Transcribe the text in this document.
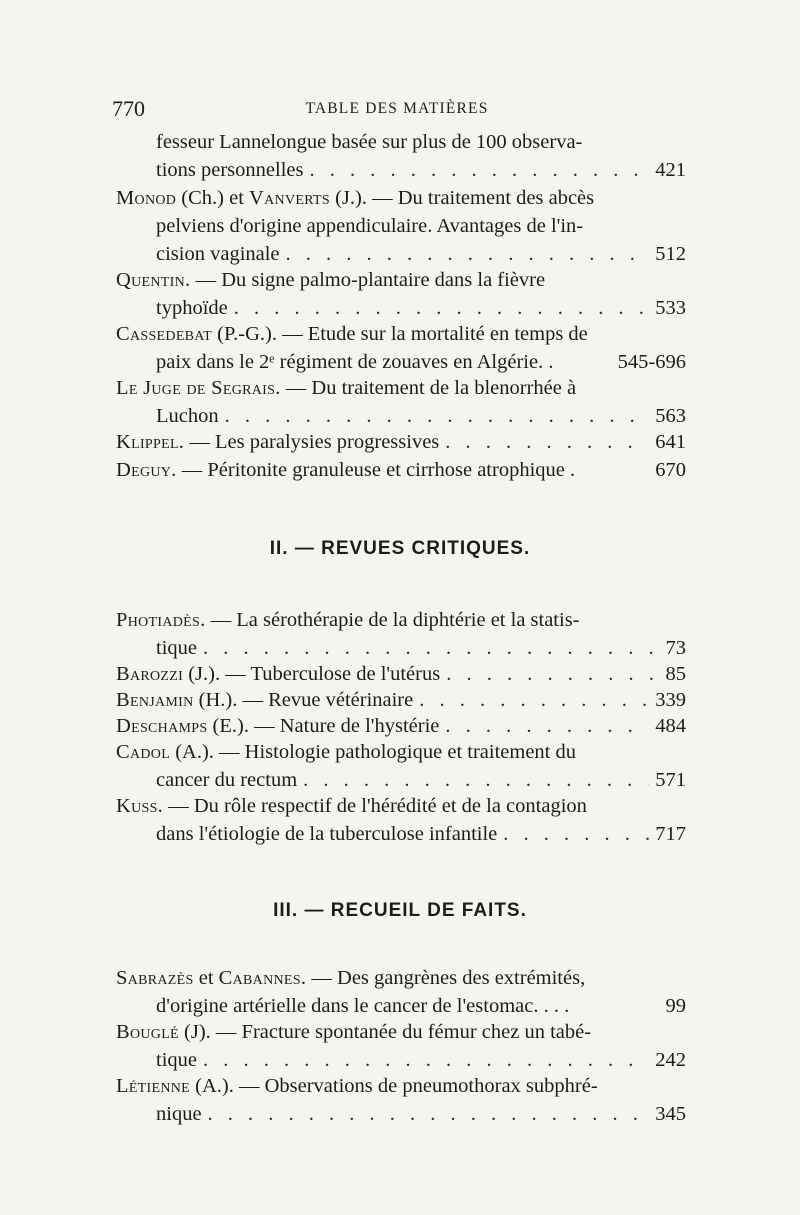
770	TABLE DES MATIÈRES
fesseur Lannelongue basée sur plus de 100 observa-
tions personnelles . . .	421
Monod (Ch.) et Vanverts (J.). — Du traitement des abcès
pelviens d'origine appendiculaire. Avantages de l'in-
cision vaginale . . .	512
Quentin. — Du signe palmo-plantaire dans la fièvre
typhoïde . . .	533
Cassedebat (P.-G.). — Etude sur la mortalité en temps de
paix dans le 2ᵉ régiment de zouaves en Algérie. .	545-696
Le Juge de Segrais. — Du traitement de la blenorrhée à
Luchon . . .	563
Klippel. — Les paralysies progressives . . .	641
Deguy. — Péritonite granuleuse et cirrhose atrophique .	670
II. — REVUES CRITIQUES.
Photiadès. — La sérothérapie de la diphtérie et la statis-
tique . . .	73
Barozzi (J.). — Tuberculose de l'utérus . . .	85
Benjamin (H.). — Revue vétérinaire . . .	339
Deschamps (E.). — Nature de l'hystérie . . .	484
Cadol (A.). — Histologie pathologique et traitement du
cancer du rectum . . .	571
Kuss. — Du rôle respectif de l'hérédité et de la contagion
dans l'étiologie de la tuberculose infantile . . .	717
III. — RECUEIL DE FAITS.
Sabrazès et Cabannes. — Des gangrènes des extrémités,
d'origine artérielle dans le cancer de l'estomac. . . .	99
Bouglé (J). — Fracture spontanée du fémur chez un tabé-
tique . . .	242
Létienne (A.). — Observations de pneumothorax subphré-
nique . . .	345
